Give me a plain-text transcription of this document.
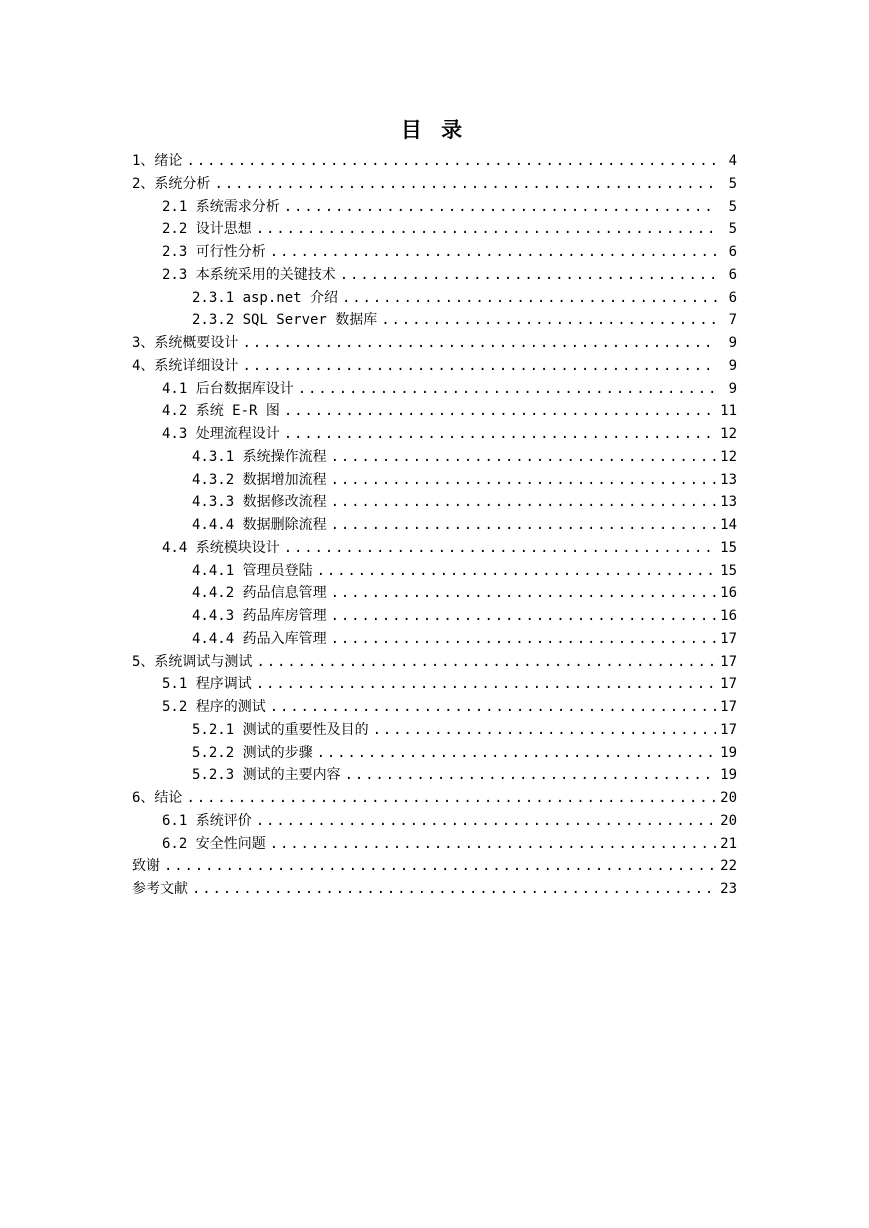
目 录
1、绪论 . . .	4
2、系统分析 . . .	5
2.1 系统需求分析 . . .	5
2.2 设计思想 . . .	5
2.3 可行性分析 . . .	6
2.3 本系统采用的关键技术 . . .	6
2.3.1 asp.net 介绍 . . .	6
2.3.2 SQL Server 数据库 . . .	7
3、系统概要设计 . . .	9
4、系统详细设计 . . .	9
4.1 后台数据库设计 . . .	9
4.2 系统 E-R 图 . . .	11
4.3 处理流程设计 . . .	12
4.3.1 系统操作流程 . . .	12
4.3.2 数据增加流程 . . .	13
4.3.3 数据修改流程 . . .	13
4.4.4 数据删除流程 . . .	14
4.4 系统模块设计 . . .	15
4.4.1 管理员登陆 . . .	15
4.4.2 药品信息管理 . . .	16
4.4.3 药品库房管理 . . .	16
4.4.4 药品入库管理 . . .	17
5、系统调试与测试 . . .	17
5.1 程序调试 . . .	17
5.2 程序的测试 . . .	17
5.2.1 测试的重要性及目的 . . .	17
5.2.2 测试的步骤 . . .	19
5.2.3 测试的主要内容 . . .	19
6、结论 . . .	20
6.1 系统评价 . . .	20
6.2 安全性问题 . . .	21
致谢 . . .	22
参考文献 . . .	23
